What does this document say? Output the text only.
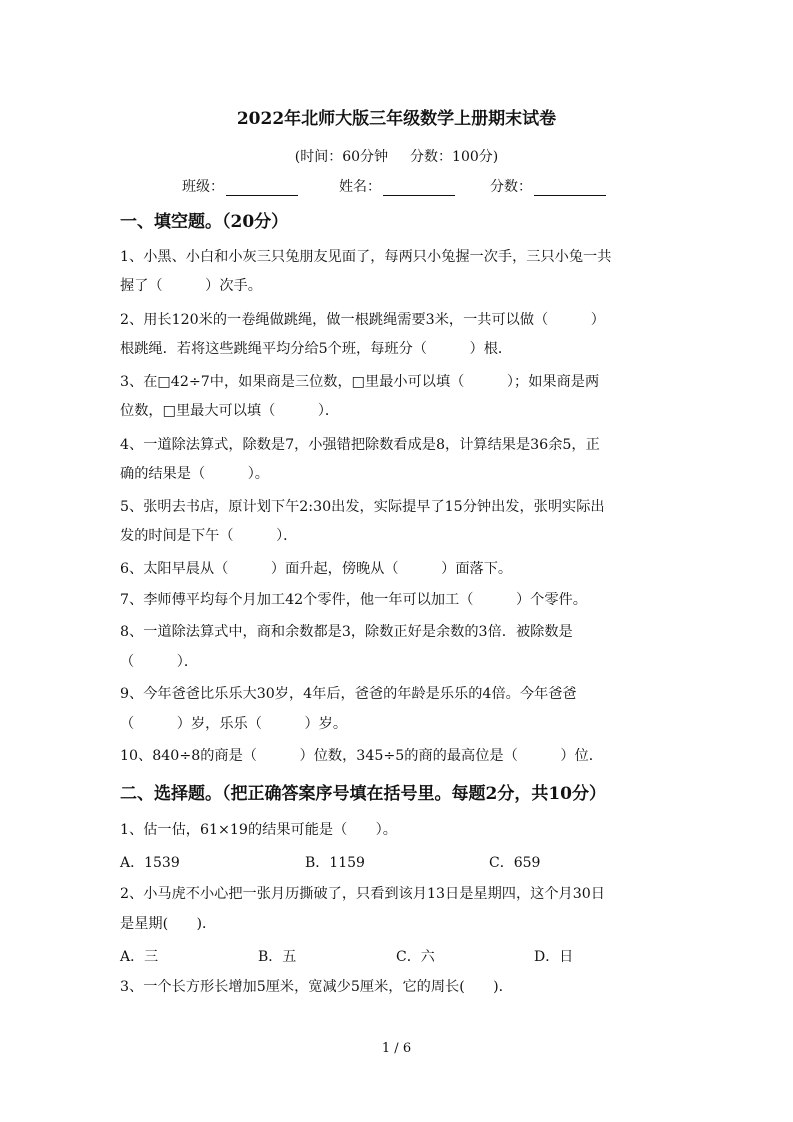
2022年北师大版三年级数学上册期末试卷
(时间：60分钟 分数：100分)
班级：	姓名：	分数：
一、填空题。（20分）
1、小黑、小白和小灰三只兔朋友见面了，每两只小兔握一次手，三只小兔一共
握了（　　　）次手。
2、用长120米的一卷绳做跳绳，做一根跳绳需要3米，一共可以做（　　　）
根跳绳．若将这些跳绳平均分给5个班，每班分（　　　）根．
3、在□42÷7中，如果商是三位数，□里最小可以填（　　　）；如果商是两
位数，□里最大可以填（　　　）．
4、一道除法算式，除数是7，小强错把除数看成是8，计算结果是36余5，正
确的结果是（　　　）。
5、张明去书店，原计划下午2:30出发，实际提早了15分钟出发，张明实际出
发的时间是下午（　　　）．
6、太阳早晨从（　　　）面升起，傍晚从（　　　）面落下。
7、李师傅平均每个月加工42个零件，他一年可以加工（　　　）个零件。
8、一道除法算式中，商和余数都是3，除数正好是余数的3倍．被除数是
（　　　）．
9、今年爸爸比乐乐大30岁，4年后，爸爸的年龄是乐乐的4倍。今年爸爸
（　　　）岁，乐乐（　　　）岁。
10、840÷8的商是（　　　）位数，345÷5的商的最高位是（　　　）位．
二、选择题。（把正确答案序号填在括号里。每题2分，共10分）
1、估一估，61×19的结果可能是（　　）。
A．1539	B．1159	C．659
2、小马虎不小心把一张月历撕破了，只看到该月13日是星期四，这个月30日
是星期(　　)．
A．三	B．五	C．六	D．日
3、一个长方形长增加5厘米，宽减少5厘米，它的周长(　　)．
1 / 6
